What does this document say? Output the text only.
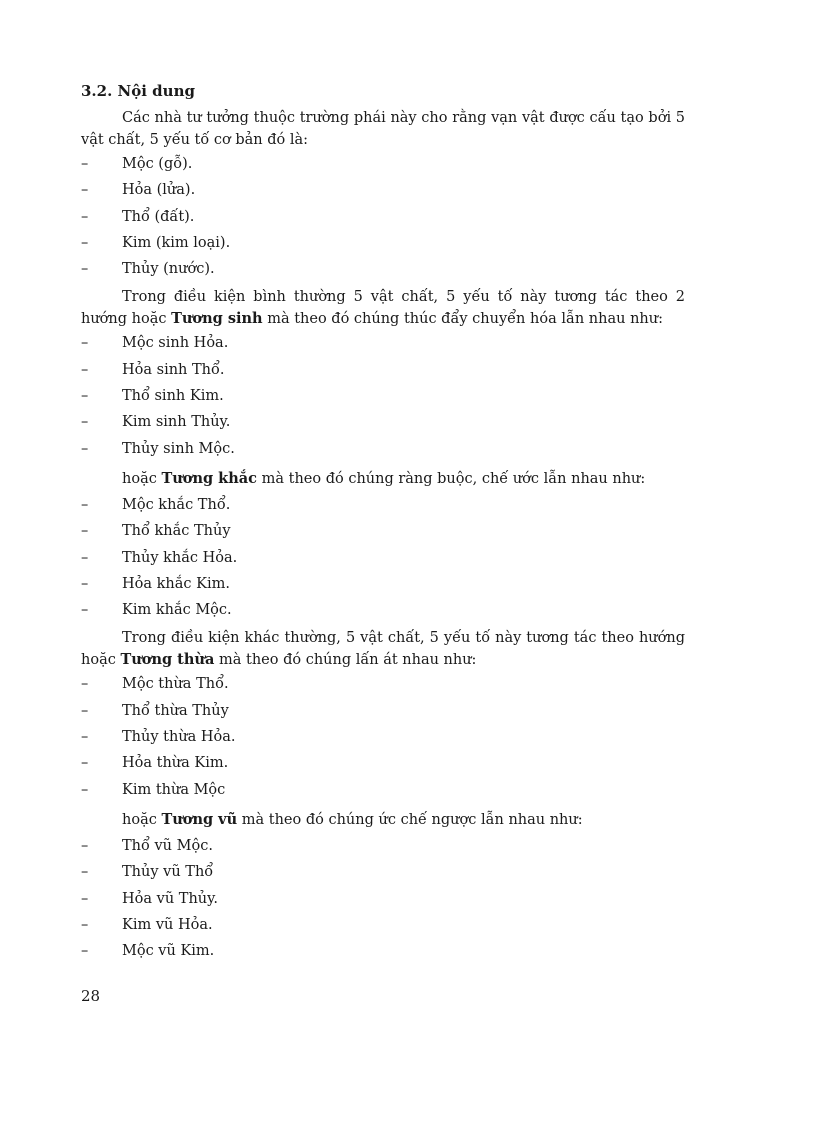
3.2. Nội dung

Các nhà tư tưởng thuộc trường phái này cho rằng vạn vật được cấu tạo bởi 5 vật chất, 5 yếu tố cơ bản đó là:

– Mộc (gỗ).
– Hỏa (lửa).
– Thổ (đất).
– Kim (kim loại).
– Thủy (nước).

Trong điều kiện bình thường 5 vật chất, 5 yếu tố này tương tác theo 2 hướng hoặc Tương sinh mà theo đó chúng thúc đẩy chuyển hóa lẫn nhau như:

– Mộc sinh Hỏa.
– Hỏa sinh Thổ.
– Thổ sinh Kim.
– Kim sinh Thủy.
– Thủy sinh Mộc.

hoặc Tương khắc mà theo đó chúng ràng buộc, chế ước lẫn nhau như:

– Mộc khắc Thổ.
– Thổ khắc Thủy
– Thủy khắc Hỏa.
– Hỏa khắc Kim.
– Kim khắc Mộc.

Trong điều kiện khác thường, 5 vật chất, 5 yếu tố này tương tác theo hướng hoặc Tương thừa mà theo đó chúng lấn át nhau như:

– Mộc thừa Thổ.
– Thổ thừa Thủy
– Thủy thừa Hỏa.
– Hỏa thừa Kim.
– Kim thừa Mộc

hoặc Tương vũ mà theo đó chúng ức chế ngược lẫn nhau như:

– Thổ vũ Mộc.
– Thủy vũ Thổ
– Hỏa vũ Thủy.
– Kim vũ Hỏa.
– Mộc vũ Kim.
28
